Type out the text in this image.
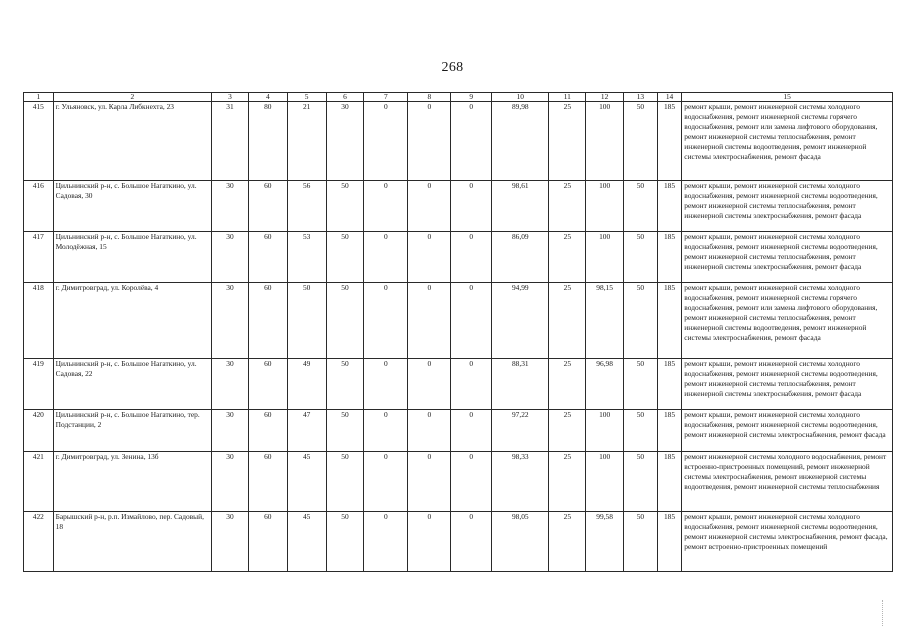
268
1	2	3	4	5	6	7	8	9	10	11	12	13	14	15
415	г. Ульяновск, ул. Карла Либкнехта, 23	31	80	21	30	0	0	0	89,98	25	100	50	185	ремонт крыши, ремонт инженерной системы холодного водоснабжения, ремонт инженерной системы горячего водоснабжения, ремонт или замена лифтового оборудования, ремонт инженерной системы теплоснабжения, ремонт инженерной системы водоотведения, ремонт инженерной системы электроснабжения, ремонт фасада
416	Цильнинский р-н, с. Большое Нагаткино, ул. Садовая, 30	30	60	56	50	0	0	0	98,61	25	100	50	185	ремонт крыши, ремонт инженерной системы холодного водоснабжения, ремонт инженерной системы водоотведения, ремонт инженерной системы теплоснабжения, ремонт инженерной системы электроснабжения, ремонт фасада
417	Цильнинский р-н, с. Большое Нагаткино, ул. Молодёжная, 15	30	60	53	50	0	0	0	86,09	25	100	50	185	ремонт крыши, ремонт инженерной системы холодного водоснабжения, ремонт инженерной системы водоотведения, ремонт инженерной системы теплоснабжения, ремонт инженерной системы электроснабжения, ремонт фасада
418	г. Димитровград, ул. Королёва, 4	30	60	50	50	0	0	0	94,99	25	98,15	50	185	ремонт крыши, ремонт инженерной системы холодного водоснабжения, ремонт инженерной системы горячего водоснабжения, ремонт или замена лифтового оборудования, ремонт инженерной системы теплоснабжения, ремонт инженерной системы водоотведения, ремонт инженерной системы электроснабжения, ремонт фасада
419	Цильнинский р-н, с. Большое Нагаткино, ул. Садовая, 22	30	60	49	50	0	0	0	88,31	25	96,98	50	185	ремонт крыши, ремонт инженерной системы холодного водоснабжения, ремонт инженерной системы водоотведения, ремонт инженерной системы теплоснабжения, ремонт инженерной системы электроснабжения, ремонт фасада
420	Цильнинский р-н, с. Большое Нагаткино, тер. Подстанции, 2	30	60	47	50	0	0	0	97,22	25	100	50	185	ремонт крыши, ремонт инженерной системы холодного водоснабжения, ремонт инженерной системы водоотведения, ремонт инженерной системы электроснабжения, ремонт фасада
421	г. Димитровград, ул. Зенина, 13б	30	60	45	50	0	0	0	98,33	25	100	50	185	ремонт инженерной системы холодного водоснабжения, ремонт встроенно-пристроенных помещений, ремонт инженерной системы электроснабжения, ремонт инженерной системы водоотведения, ремонт инженерной системы теплоснабжения
422	Барышский р-н, р.п. Измайлово, пер. Садовый, 18	30	60	45	50	0	0	0	98,05	25	99,58	50	185	ремонт крыши, ремонт инженерной системы холодного водоснабжения, ремонт инженерной системы водоотведения, ремонт инженерной системы электроснабжения, ремонт фасада, ремонт встроенно-пристроенных помещений
